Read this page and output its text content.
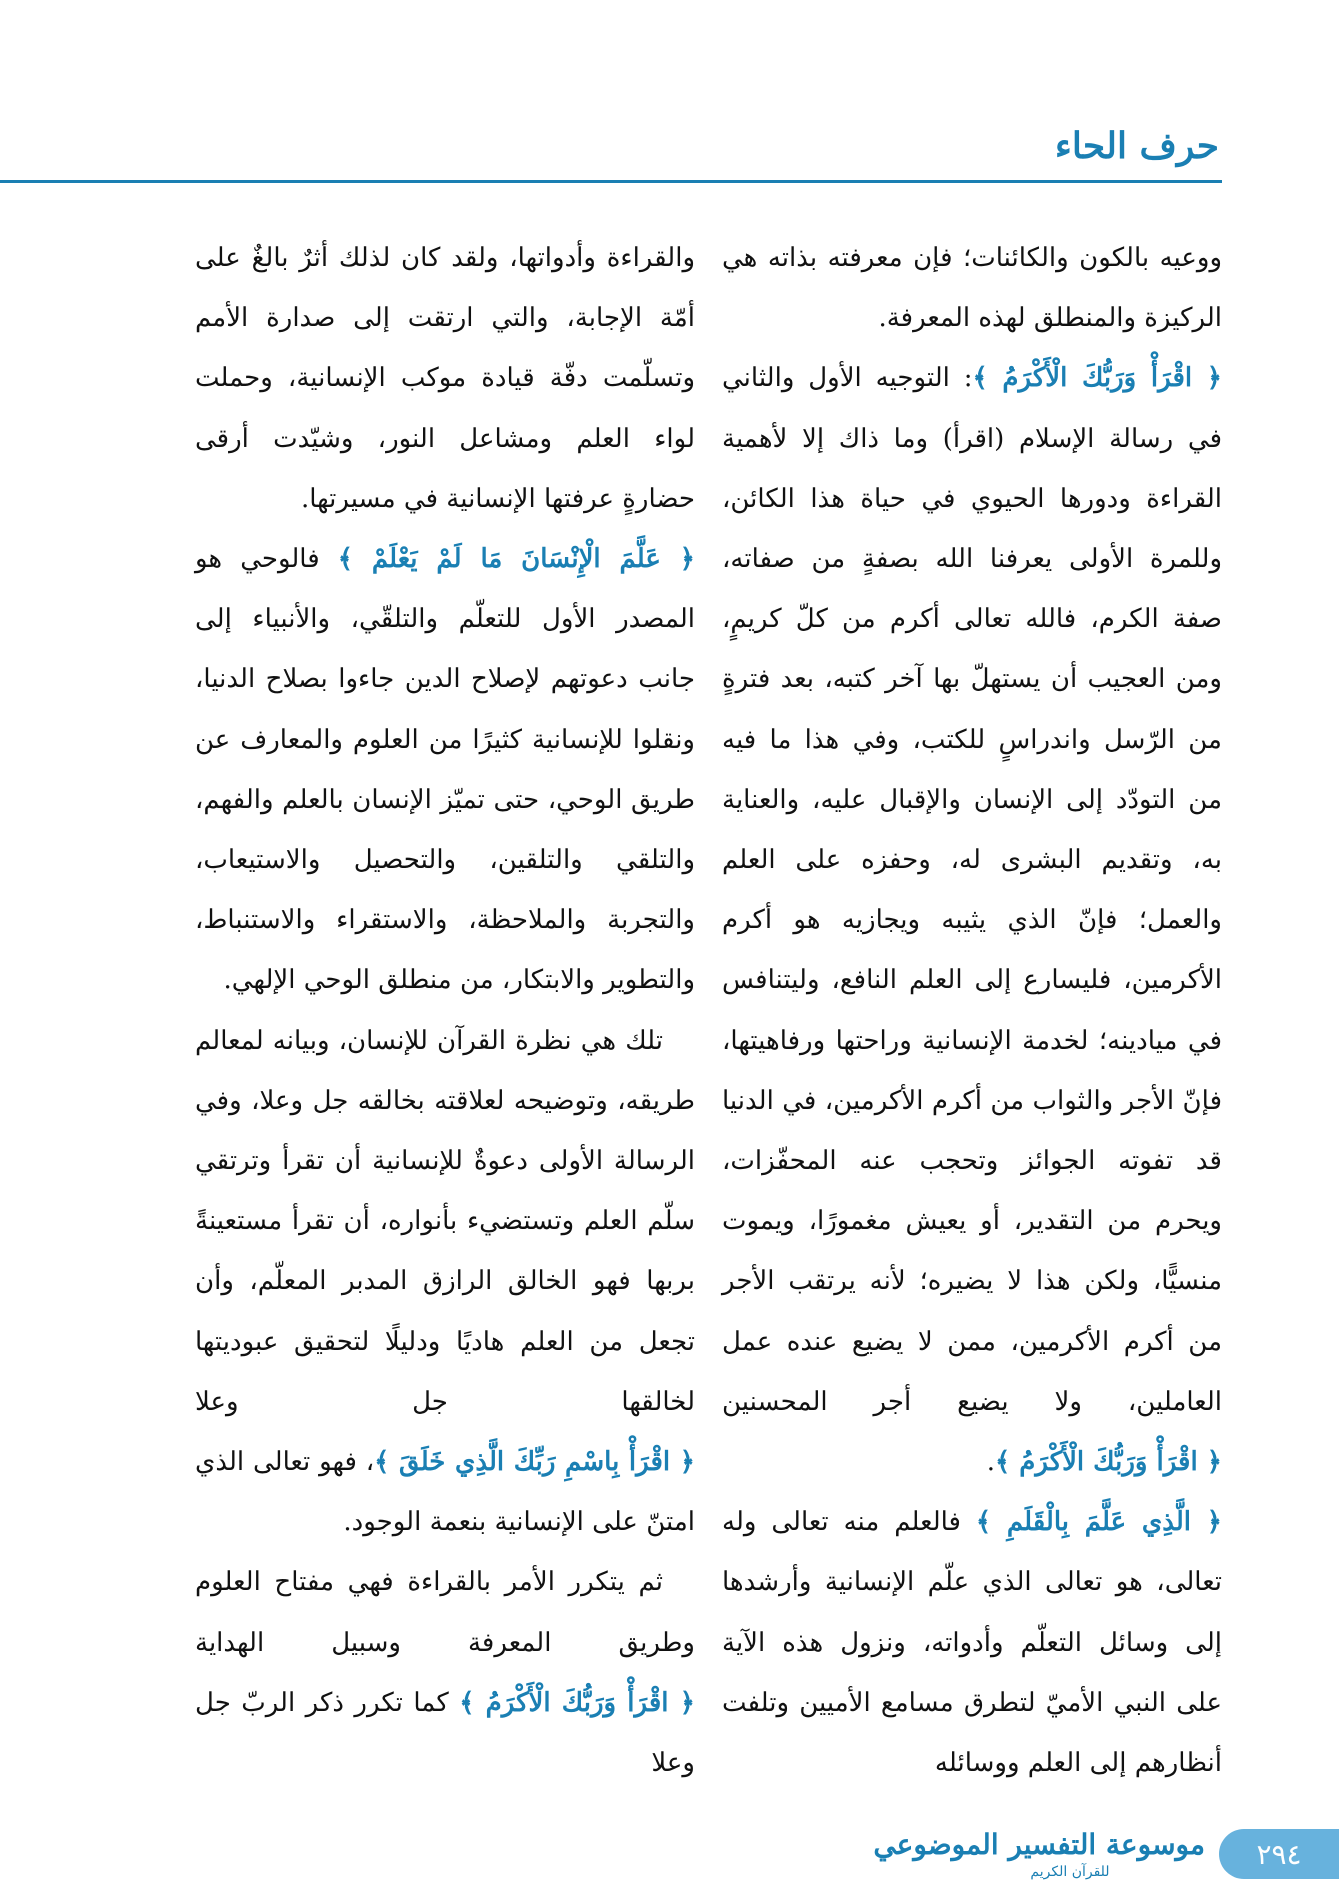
حرف الحاء

ووعيه بالكون والكائنات؛ فإن معرفته بذاته هي الركيزة والمنطلق لهذه المعرفة.

﴿ اقْرَأْ وَرَبُّكَ الْأَكْرَمُ ﴾: التوجيه الأول والثاني في رسالة الإسلام (اقرأ) وما ذاك إلا لأهمية القراءة ودورها الحيوي في حياة هذا الكائن، وللمرة الأولى يعرفنا الله بصفةٍ من صفاته، صفة الكرم، فالله تعالى أكرم من كلّ كريمٍ، ومن العجيب أن يستهلّ بها آخر كتبه، بعد فترةٍ من الرّسل واندراسٍ للكتب، وفي هذا ما فيه من التودّد إلى الإنسان والإقبال عليه، والعناية به، وتقديم البشرى له، وحفزه على العلم والعمل؛ فإنّ الذي يثيبه ويجازيه هو أكرم الأكرمين، فليسارع إلى العلم النافع، وليتنافس في ميادينه؛ لخدمة الإنسانية وراحتها ورفاهيتها، فإنّ الأجر والثواب من أكرم الأكرمين، في الدنيا قد تفوته الجوائز وتحجب عنه المحفّزات، ويحرم من التقدير، أو يعيش مغمورًا، ويموت منسيًّا، ولكن هذا لا يضيره؛ لأنه يرتقب الأجر من أكرم الأكرمين، ممن لا يضيع عنده عمل العاملين، ولا يضيع أجر المحسنين ﴿ اقْرَأْ وَرَبُّكَ الْأَكْرَمُ ﴾.

﴿ الَّذِي عَلَّمَ بِالْقَلَمِ ﴾ فالعلم منه تعالى وله تعالى، هو تعالى الذي علّم الإنسانية وأرشدها إلى وسائل التعلّم وأدواته، ونزول هذه الآية على النبي الأميّ لتطرق مسامع الأميين وتلفت أنظارهم إلى العلم ووسائله

والقراءة وأدواتها، ولقد كان لذلك أثرٌ بالغٌ على أمّة الإجابة، والتي ارتقت إلى صدارة الأمم وتسلّمت دفّة قيادة موكب الإنسانية، وحملت لواء العلم ومشاعل النور، وشيّدت أرقى حضارةٍ عرفتها الإنسانية في مسيرتها.

﴿ عَلَّمَ الْإِنْسَانَ مَا لَمْ يَعْلَمْ ﴾ فالوحي هو المصدر الأول للتعلّم والتلقّي، والأنبياء إلى جانب دعوتهم لإصلاح الدين جاءوا بصلاح الدنيا، ونقلوا للإنسانية كثيرًا من العلوم والمعارف عن طريق الوحي، حتى تميّز الإنسان بالعلم والفهم، والتلقي والتلقين، والتحصيل والاستيعاب، والتجربة والملاحظة، والاستقراء والاستنباط، والتطوير والابتكار، من منطلق الوحي الإلهي.

تلك هي نظرة القرآن للإنسان، وبيانه لمعالم طريقه، وتوضيحه لعلاقته بخالقه جل وعلا، وفي الرسالة الأولى دعوةٌ للإنسانية أن تقرأ وترتقي سلّم العلم وتستضيء بأنواره، أن تقرأ مستعينةً بربها فهو الخالق الرازق المدبر المعلّم، وأن تجعل من العلم هاديًا ودليلًا لتحقيق عبوديتها لخالقها جل وعلا ﴿ اقْرَأْ بِاسْمِ رَبِّكَ الَّذِي خَلَقَ ﴾، فهو تعالى الذي امتنّ على الإنسانية بنعمة الوجود.

ثم يتكرر الأمر بالقراءة فهي مفتاح العلوم وطريق المعرفة وسبيل الهداية ﴿ اقْرَأْ وَرَبُّكَ الْأَكْرَمُ ﴾ كما تكرر ذكر الربّ جل وعلا

موسوعة التفسير الموضوعي
للقرآن الكريم
٢٩٤
